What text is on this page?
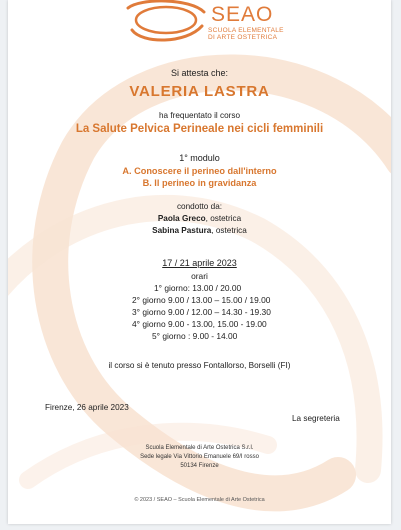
SEAO
SCUOLA ELEMENTALE
DI ARTE OSTETRICA
Si attesta che:
VALERIA LASTRA
ha frequentato il corso
La Salute Pelvica Perineale nei cicli femminili
1° modulo
A. Conoscere il perineo dall'interno
B. Il perineo in gravidanza
condotto da:
Paola Greco, ostetrica
Sabina Pastura, ostetrica
17 / 21 aprile 2023
orari
1° giorno: 13.00 / 20.00
2° giorno 9.00 / 13.00 – 15.00 / 19.00
3° giorno 9.00 / 12.00 – 14.30 - 19.30
4° giorno 9.00 - 13.00, 15.00 - 19.00
5° giorno : 9.00 - 14.00
il corso si è tenuto presso Fontallorso, Borselli (FI)
Firenze, 26 aprile 2023
La segreteria
Scuola Elementale di Arte Ostetrica S.r.l.
Sede legale Via Vittorio Emanuele 69/I rosso
50134 Firenze
© 2023 / SEAO – Scuola Elementale di Arte Ostetrica
